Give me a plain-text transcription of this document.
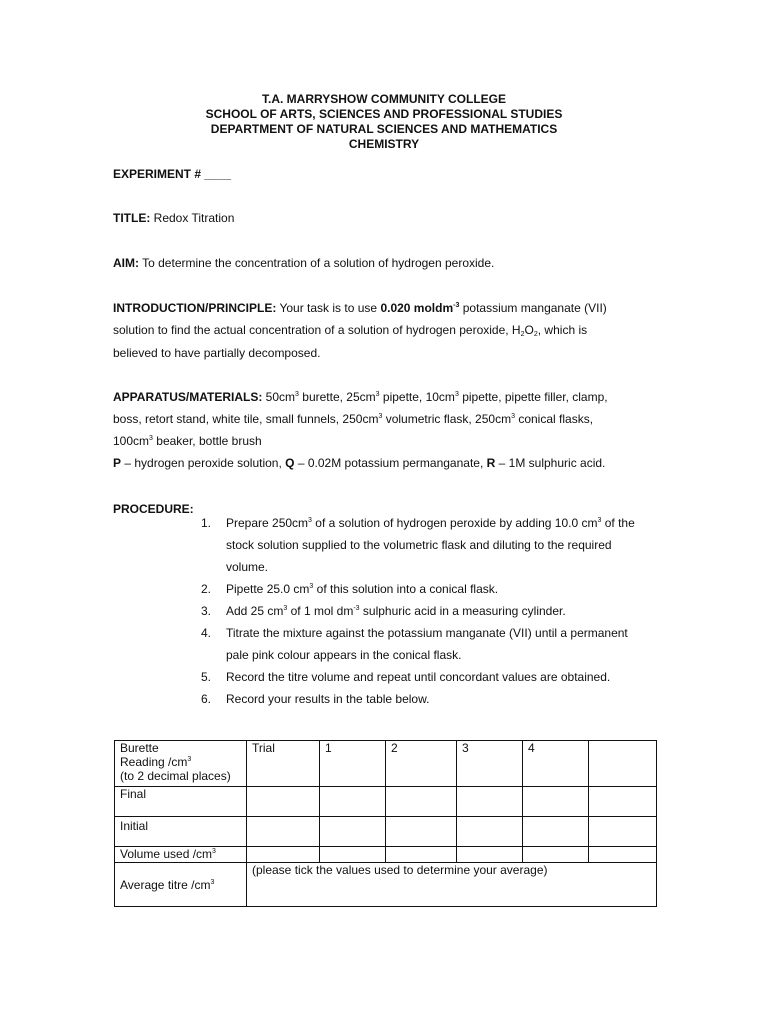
T.A. MARRYSHOW COMMUNITY COLLEGE
SCHOOL OF ARTS, SCIENCES AND PROFESSIONAL STUDIES
DEPARTMENT OF NATURAL SCIENCES AND MATHEMATICS
CHEMISTRY
EXPERIMENT # ____
TITLE: Redox Titration
AIM: To determine the concentration of a solution of hydrogen peroxide.
INTRODUCTION/PRINCIPLE: Your task is to use 0.020 moldm$^{-3}$ potassium manganate (VII)
solution to find the actual concentration of a solution of hydrogen peroxide, $H_2O_2$, which is
believed to have partially decomposed.
APPARATUS/MATERIALS: $50cm^3$ burette, $25cm^3$ pipette, $10cm^3$ pipette, pipette filler, clamp,
boss, retort stand, white tile, small funnels, $250cm^3$ volumetric flask, $250cm^3$ conical flasks,
$100cm^3$ beaker, bottle brush
P – hydrogen peroxide solution, Q – 0.02M potassium permanganate, R – 1M sulphuric acid.
PROCEDURE:
1. Prepare $250cm^3$ of a solution of hydrogen peroxide by adding 10.0 $cm^3$ of the
stock solution supplied to the volumetric flask and diluting to the required
volume.
2. Pipette 25.0 $cm^3$ of this solution into a conical flask.
3. Add 25 $cm^3$ of 1 mol $dm^{-3}$ sulphuric acid in a measuring cylinder.
4. Titrate the mixture against the potassium manganate (VII) until a permanent
pale pink colour appears in the conical flask.
5. Record the titre volume and repeat until concordant values are obtained.
6. Record your results in the table below.
Burette
Reading $/cm^3$
(to 2 decimal places)	Trial	1	2	3	4	
Final						
Initial						
Volume used $/cm^3$						
Average titre $/cm^3$	(please tick the values used to determine your average)					
